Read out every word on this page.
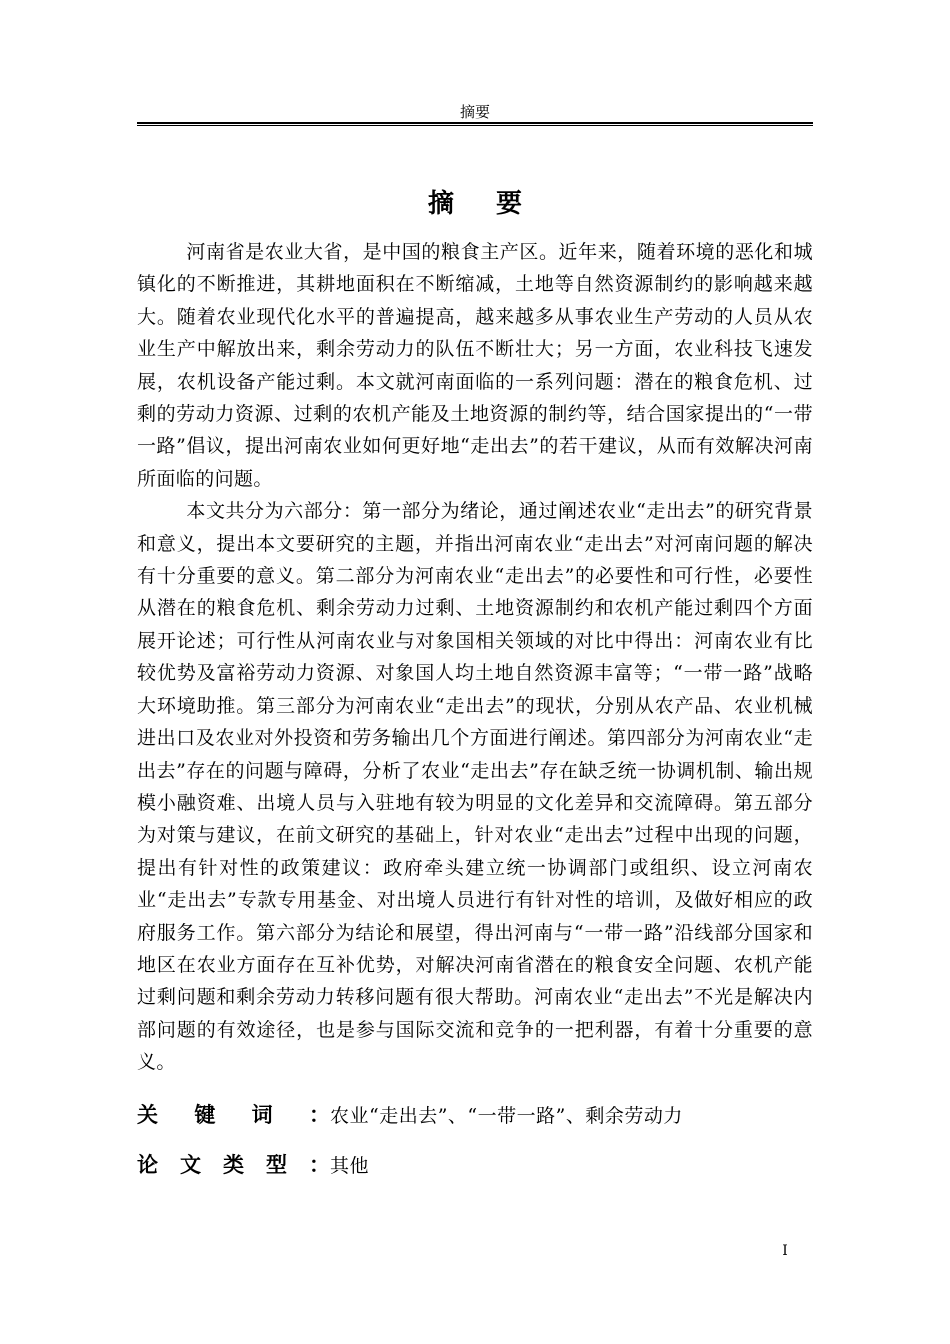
摘要
摘要

河南省是农业大省，是中国的粮食主产区。近年来，随着环境的恶化和城镇化的不断推进，其耕地面积在不断缩减，土地等自然资源制约的影响越来越大。随着农业现代化水平的普遍提高，越来越多从事农业生产劳动的人员从农业生产中解放出来，剩余劳动力的队伍不断壮大；另一方面，农业科技飞速发展，农机设备产能过剩。本文就河南面临的一系列问题：潜在的粮食危机、过剩的劳动力资源、过剩的农机产能及土地资源的制约等，结合国家提出的“一带一路”倡议，提出河南农业如何更好地“走出去”的若干建议，从而有效解决河南所面临的问题。

本文共分为六部分：第一部分为绪论，通过阐述农业“走出去”的研究背景和意义，提出本文要研究的主题，并指出河南农业“走出去”对河南问题的解决有十分重要的意义。第二部分为河南农业“走出去”的必要性和可行性，必要性从潜在的粮食危机、剩余劳动力过剩、土地资源制约和农机产能过剩四个方面展开论述；可行性从河南农业与对象国相关领域的对比中得出：河南农业有比较优势及富裕劳动力资源、对象国人均土地自然资源丰富等；“一带一路”战略大环境助推。第三部分为河南农业“走出去”的现状，分别从农产品、农业机械进出口及农业对外投资和劳务输出几个方面进行阐述。第四部分为河南农业“走出去”存在的问题与障碍，分析了农业“走出去”存在缺乏统一协调机制、输出规模小融资难、出境人员与入驻地有较为明显的文化差异和交流障碍。第五部分为对策与建议，在前文研究的基础上，针对农业“走出去”过程中出现的问题，提出有针对性的政策建议：政府牵头建立统一协调部门或组织、设立河南农业“走出去”专款专用基金、对出境人员进行有针对性的培训，及做好相应的政府服务工作。第六部分为结论和展望，得出河南与“一带一路”沿线部分国家和地区在农业方面存在互补优势，对解决河南省潜在的粮食安全问题、农机产能过剩问题和剩余劳动力转移问题有很大帮助。河南农业“走出去”不光是解决内部问题的有效途径，也是参与国际交流和竞争的一把利器，有着十分重要的意义。

关 键 词 ： 农业“走出去”、“一带一路”、剩余劳动力
论 文 类 型 ： 其他
I
